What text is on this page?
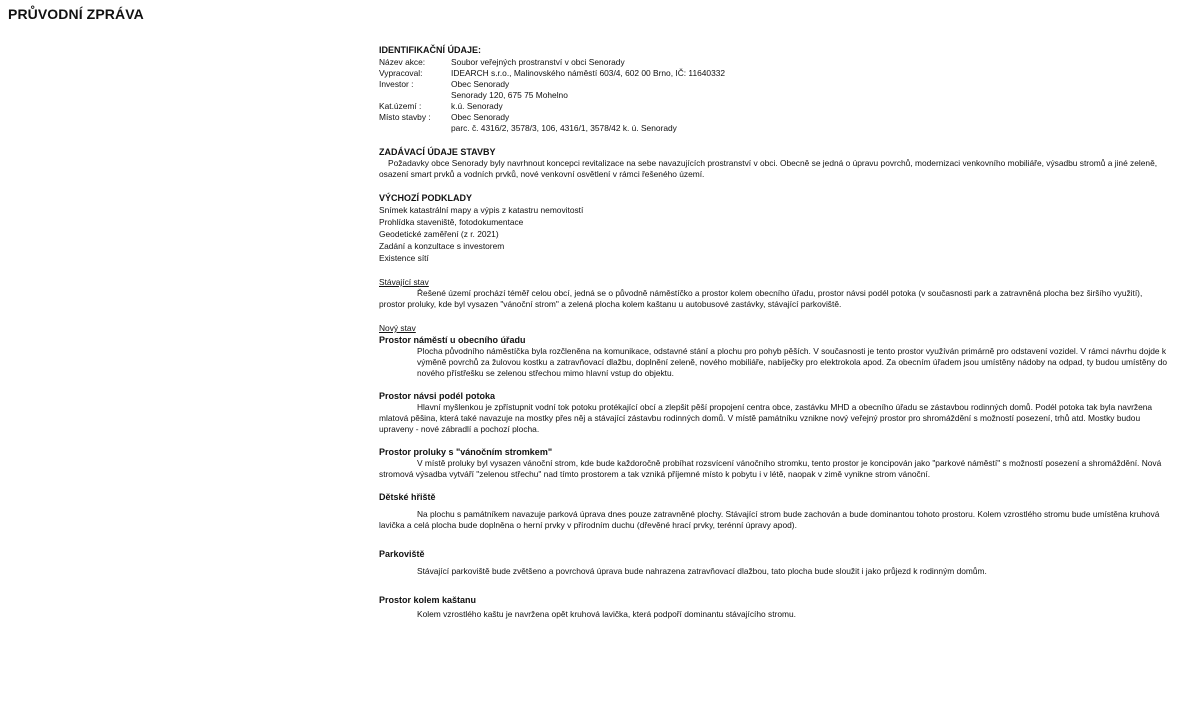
PRŮVODNÍ ZPRÁVA
IDENTIFIKAČNÍ ÚDAJE:
Název akce:	Soubor veřejných prostranství v obci Senorady
Vypracoval:	IDEARCH s.r.o., Malinovského náměstí 603/4, 602 00 Brno, IČ: 11640332
Investor :	Obec Senorady
Senorady 120, 675 75 Mohelno
Kat.území :	k.ú. Senorady
Místo stavby :	Obec Senorady
parc. č. 4316/2, 3578/3, 106, 4316/1, 3578/42 k. ú. Senorady
ZADÁVACÍ ÚDAJE STAVBY
Požadavky obce Senorady byly navrhnout koncepci revitalizace na sebe navazujících prostranství v obci. Obecně se jedná o úpravu povrchů, modernizaci venkovního mobiliáře, výsadbu stromů a jiné zeleně, osazení smart prvků a vodních prvků, nové venkovní osvětlení v rámci řešeného území.
VÝCHOZÍ PODKLADY
Snímek katastrální mapy a výpis z katastru nemovitostí
Prohlídka staveniště, fotodokumentace
Geodetické zaměření (z r. 2021)
Zadání a konzultace s investorem
Existence sítí
Stávající stav
Řešené území prochází téměř celou obcí, jedná se o původně náměstíčko a prostor kolem obecního úřadu, prostor návsi podél potoka (v současnosti park a zatravněná plocha bez širšího využití), prostor proluky, kde byl vysazen "vánoční strom" a zelená plocha kolem kaštanu u autobusové zastávky, stávající parkoviště.
Nový stav
Prostor náměstí u obecního úřadu
Plocha původního náměstíčka byla rozčleněna na komunikace, odstavné stání a plochu pro pohyb pěších. V současnosti je tento prostor využíván primárně pro odstavení vozidel. V rámci návrhu dojde k výměně povrchů za žulovou kostku a zatravňovací dlažbu, doplnění zeleně, nového mobiliáře, nabíječky pro elektrokola apod. Za obecním úřadem jsou umístěny nádoby na odpad, ty budou umístěny do nového přístřešku se zelenou střechou mimo hlavní vstup do objektu.
Prostor návsi podél potoka
Hlavní myšlenkou je zpřístupnit vodní tok potoku protékající obcí a zlepšit pěší propojení centra obce, zastávku MHD a obecního úřadu se zástavbou rodinných domů. Podél potoka tak byla navržena mlatová pěšina, která také navazuje na mostky přes něj a stávající zástavbu rodinných domů. V místě památníku vznikne nový veřejný prostor pro shromáždění s možností posezení, trhů atd. Mostky budou upraveny - nové zábradlí a pochozí plocha.
Prostor proluky s "vánočním stromkem"
V místě proluky byl vysazen vánoční strom, kde bude každoročně probíhat rozsvícení vánočního stromku, tento prostor je koncipován jako "parkové náměstí" s možností posezení a shromáždění. Nová stromová výsadba vytváří "zelenou střechu" nad tímto prostorem a tak vzniká příjemné místo k pobytu i v létě, naopak v zimě vynikne strom vánoční.
Dětské hřiště
Na plochu s památníkem navazuje parková úprava dnes pouze zatravněné plochy. Stávající strom bude zachován a bude dominantou tohoto prostoru. Kolem vzrostlého stromu bude umístěna kruhová lavička a celá plocha bude doplněna o herní prvky v přírodním duchu (dřevěné hrací prvky, terénní úpravy apod).
Parkoviště
Stávající parkoviště bude zvětšeno a povrchová úprava bude nahrazena zatravňovací dlažbou, tato plocha bude sloužit i jako průjezd k rodinným domům.
Prostor kolem kaštanu
Kolem vzrostlého kaštu je navržena opět kruhová lavička, která podpoří dominantu stávajícího stromu.
